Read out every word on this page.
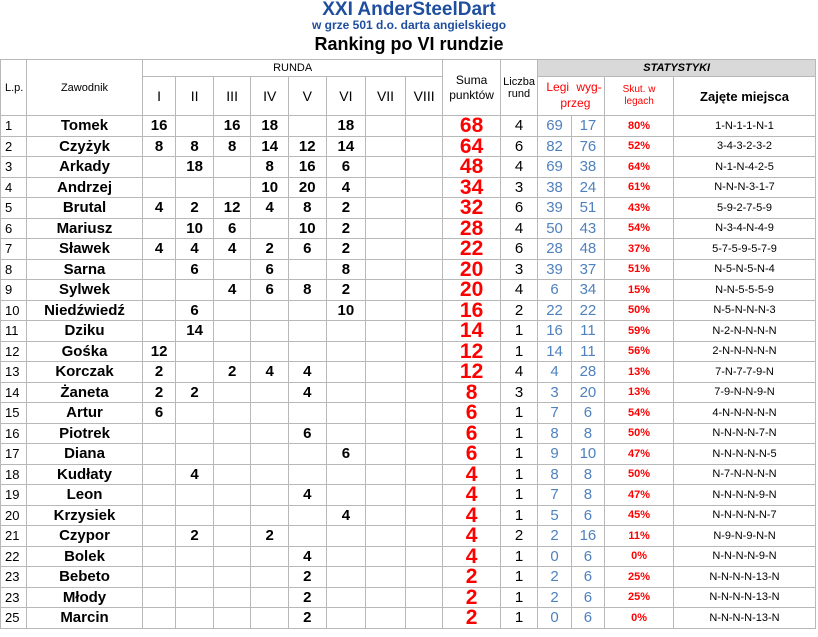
XXI AnderSteelDart
w grze 501 d.o. darta angielskiego
Ranking po VI rundzie
L.p.	Zawodnik	RUNDA								Suma
punktów	Liczba
rund	STATYSTYKI			
		I	II	III	IV	V	VI	VII	VIII			Legi wyg-
przeg		Skut. w
legach	Zajęte miejsca
1	Tomek	16		16	18		18			68	4	69	17	80%	1-N-1-1-N-1
2	Czyżyk	8	8	8	14	12	14			64	6	82	76	52%	3-4-3-2-3-2
3	Arkady		18		8	16	6			48	4	69	38	64%	N-1-N-4-2-5
4	Andrzej				10	20	4			34	3	38	24	61%	N-N-N-3-1-7
5	Brutal	4	2	12	4	8	2			32	6	39	51	43%	5-9-2-7-5-9
6	Mariusz		10	6		10	2			28	4	50	43	54%	N-3-4-N-4-9
7	Sławek	4	4	4	2	6	2			22	6	28	48	37%	5-7-5-9-5-7-9
8	Sarna		6		6		8			20	3	39	37	51%	N-5-N-5-N-4
9	Sylwek			4	6	8	2			20	4	6	34	15%	N-N-5-5-5-9
10	Niedźwiedź		6				10			16	2	22	22	50%	N-5-N-N-N-3
11	Dziku		14							14	1	16	11	59%	N-2-N-N-N-N
12	Gośka	12								12	1	14	11	56%	2-N-N-N-N-N
13	Korczak	2		2	4	4				12	4	4	28	13%	7-N-7-7-9-N
14	Żaneta	2	2			4				8	3	3	20	13%	7-9-N-N-9-N
15	Artur	6								6	1	7	6	54%	4-N-N-N-N-N
16	Piotrek					6				6	1	8	8	50%	N-N-N-N-7-N
17	Diana						6			6	1	9	10	47%	N-N-N-N-N-5
18	Kudłaty		4							4	1	8	8	50%	N-7-N-N-N-N
19	Leon					4				4	1	7	8	47%	N-N-N-N-9-N
20	Krzysiek						4			4	1	5	6	45%	N-N-N-N-N-7
21	Czypor		2		2					4	2	2	16	11%	N-9-N-9-N-N
22	Bolek					4				4	1	0	6	0%	N-N-N-N-9-N
23	Bebeto					2				2	1	2	6	25%	N-N-N-N-13-N
23	Młody					2				2	1	2	6	25%	N-N-N-N-13-N
25	Marcin					2				2	1	0	6	0%	N-N-N-N-13-N
